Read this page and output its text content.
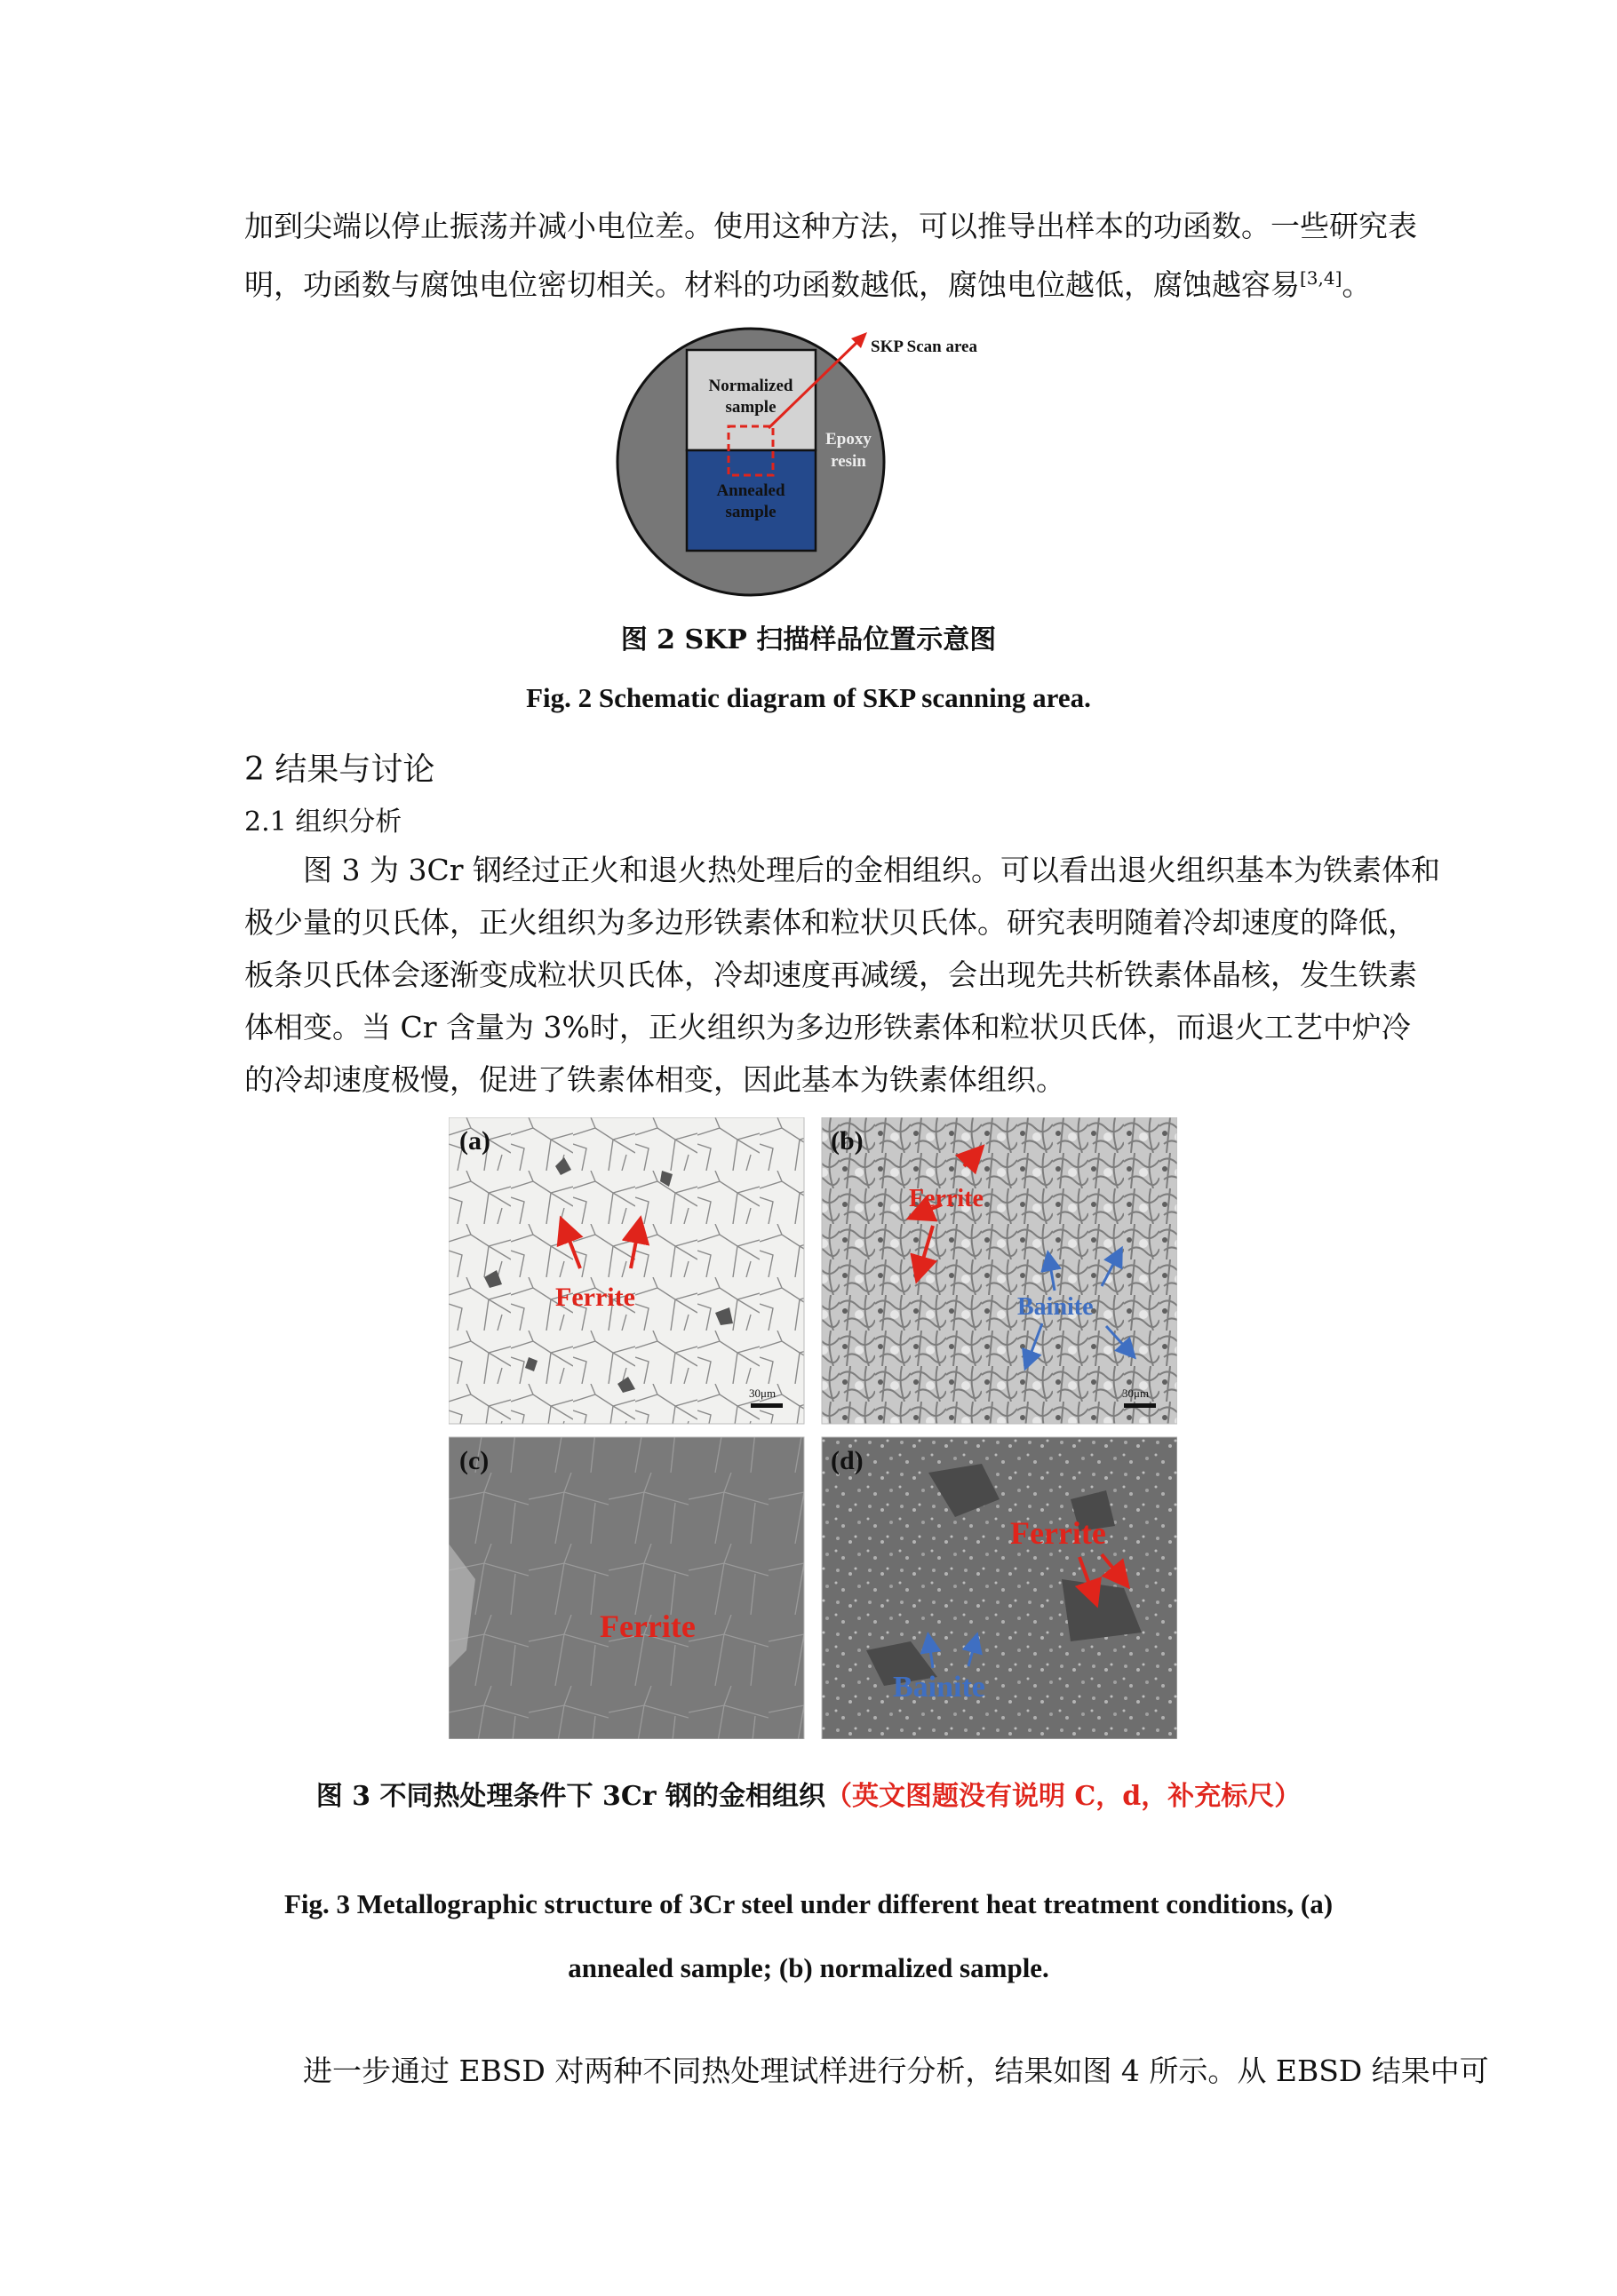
加到尖端以停止振荡并减小电位差。使用这种方法，可以推导出样本的功函数。一些研究表
明，功函数与腐蚀电位密切相关。材料的功函数越低，腐蚀电位越低，腐蚀越容易[3,4]。
SKP Scan area
Normalized
sample
Annealed
sample
Epoxy
resin

图 2 SKP 扫描样品位置示意图

Fig. 2 Schematic diagram of SKP scanning area.

2 结果与讨论
2.1 组织分析
图 3 为 3Cr 钢经过正火和退火热处理后的金相组织。可以看出退火组织基本为铁素体和
极少量的贝氏体，正火组织为多边形铁素体和粒状贝氏体。研究表明随着冷却速度的降低，
板条贝氏体会逐渐变成粒状贝氏体，冷却速度再减缓，会出现先共析铁素体晶核，发生铁素
体相变。当 Cr 含量为 3%时，正火组织为多边形铁素体和粒状贝氏体，而退火工艺中炉冷
的冷却速度极慢，促进了铁素体相变，因此基本为铁素体组织。
(a)
Ferrite
30μm
(b)
Ferrite
Bainite
30μm
(c)
Ferrite
(d)
Ferrite
Bainite

图 3 不同热处理条件下 3Cr 钢的金相组织（英文图题没有说明 C，d，补充标尺）

Fig. 3 Metallographic structure of 3Cr steel under different heat treatment conditions, (a)

annealed sample; (b) normalized sample.

进一步通过 EBSD 对两种不同热处理试样进行分析，结果如图 4 所示。从 EBSD 结果中可
